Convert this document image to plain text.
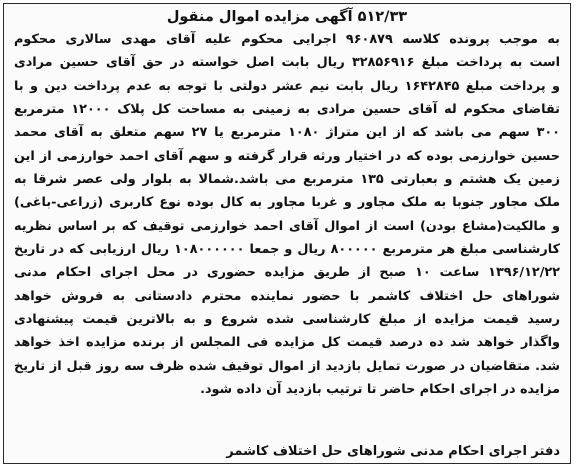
۵۱۲/۳۳ آگهی مزایده اموال منقول
به موجب پرونده کلاسه ۹۶۰۸۷۹ اجرایی محکوم علیه آقای مهدی سالاری محکوم
است به پرداخت مبلغ ۳۲۸۵۶۹۱۶ ریال بابت اصل خواسته در حق آقای حسین مرادی
و پرداخت مبلغ ۱۶۴۲۸۴۵ ریال بابت نیم عشر دولتی با توجه به عدم پرداخت دین و با
تقاضای محکوم له آقای حسین مرادی به زمینی به مساحت کل پلاک ۱۲۰۰۰ مترمربع
۳۰۰ سهم می باشد که از این متراژ ۱۰۸۰ مترمربع یا ۲۷ سهم متعلق به آقای محمد
حسین خوارزمی بوده که در اختیار ورثه قرار گرفته و سهم آقای احمد خوارزمی از این
زمین یک هشتم و بعبارتی ۱۳۵ مترمربع می باشد.شمالا به بلوار ولی عصر شرقا به
ملک مجاور جنوبا به ملک مجاور و غربا مجاور به کال بوده نوع کاربری (زراعی-باغی)
و مالکیت(مشاع بودن) است از اموال آقای احمد خوارزمی توقیف که بر اساس نظریه
کارشناسی مبلغ هر مترمربع ۸۰۰۰۰۰ ریال و جمعا ۱۰۸۰۰۰۰۰۰ ریال ارزیابی که در تاریخ
۱۳۹۶/۱۲/۲۲ ساعت ۱۰ صبح از طریق مزایده حضوری در محل اجرای احکام مدنی
شوراهای حل اختلاف کاشمر با حضور نماینده محترم دادستانی به فروش خواهد
رسید قیمت مزایده از مبلغ کارشناسی شده شروع و به بالاترین قیمت پیشنهادی
واگذار خواهد شد ده درصد قیمت کل مزایده فی المجلس از برنده مزایده اخذ خواهد
شد. متقاضیان در صورت تمایل بازدید از اموال توقیف شده ظرف سه روز قبل از تاریخ
مزایده در اجرای احکام حاضر تا ترتیب بازدید آن داده شود.
دفتر اجرای احکام مدنی شوراهای حل اختلاف کاشمر
